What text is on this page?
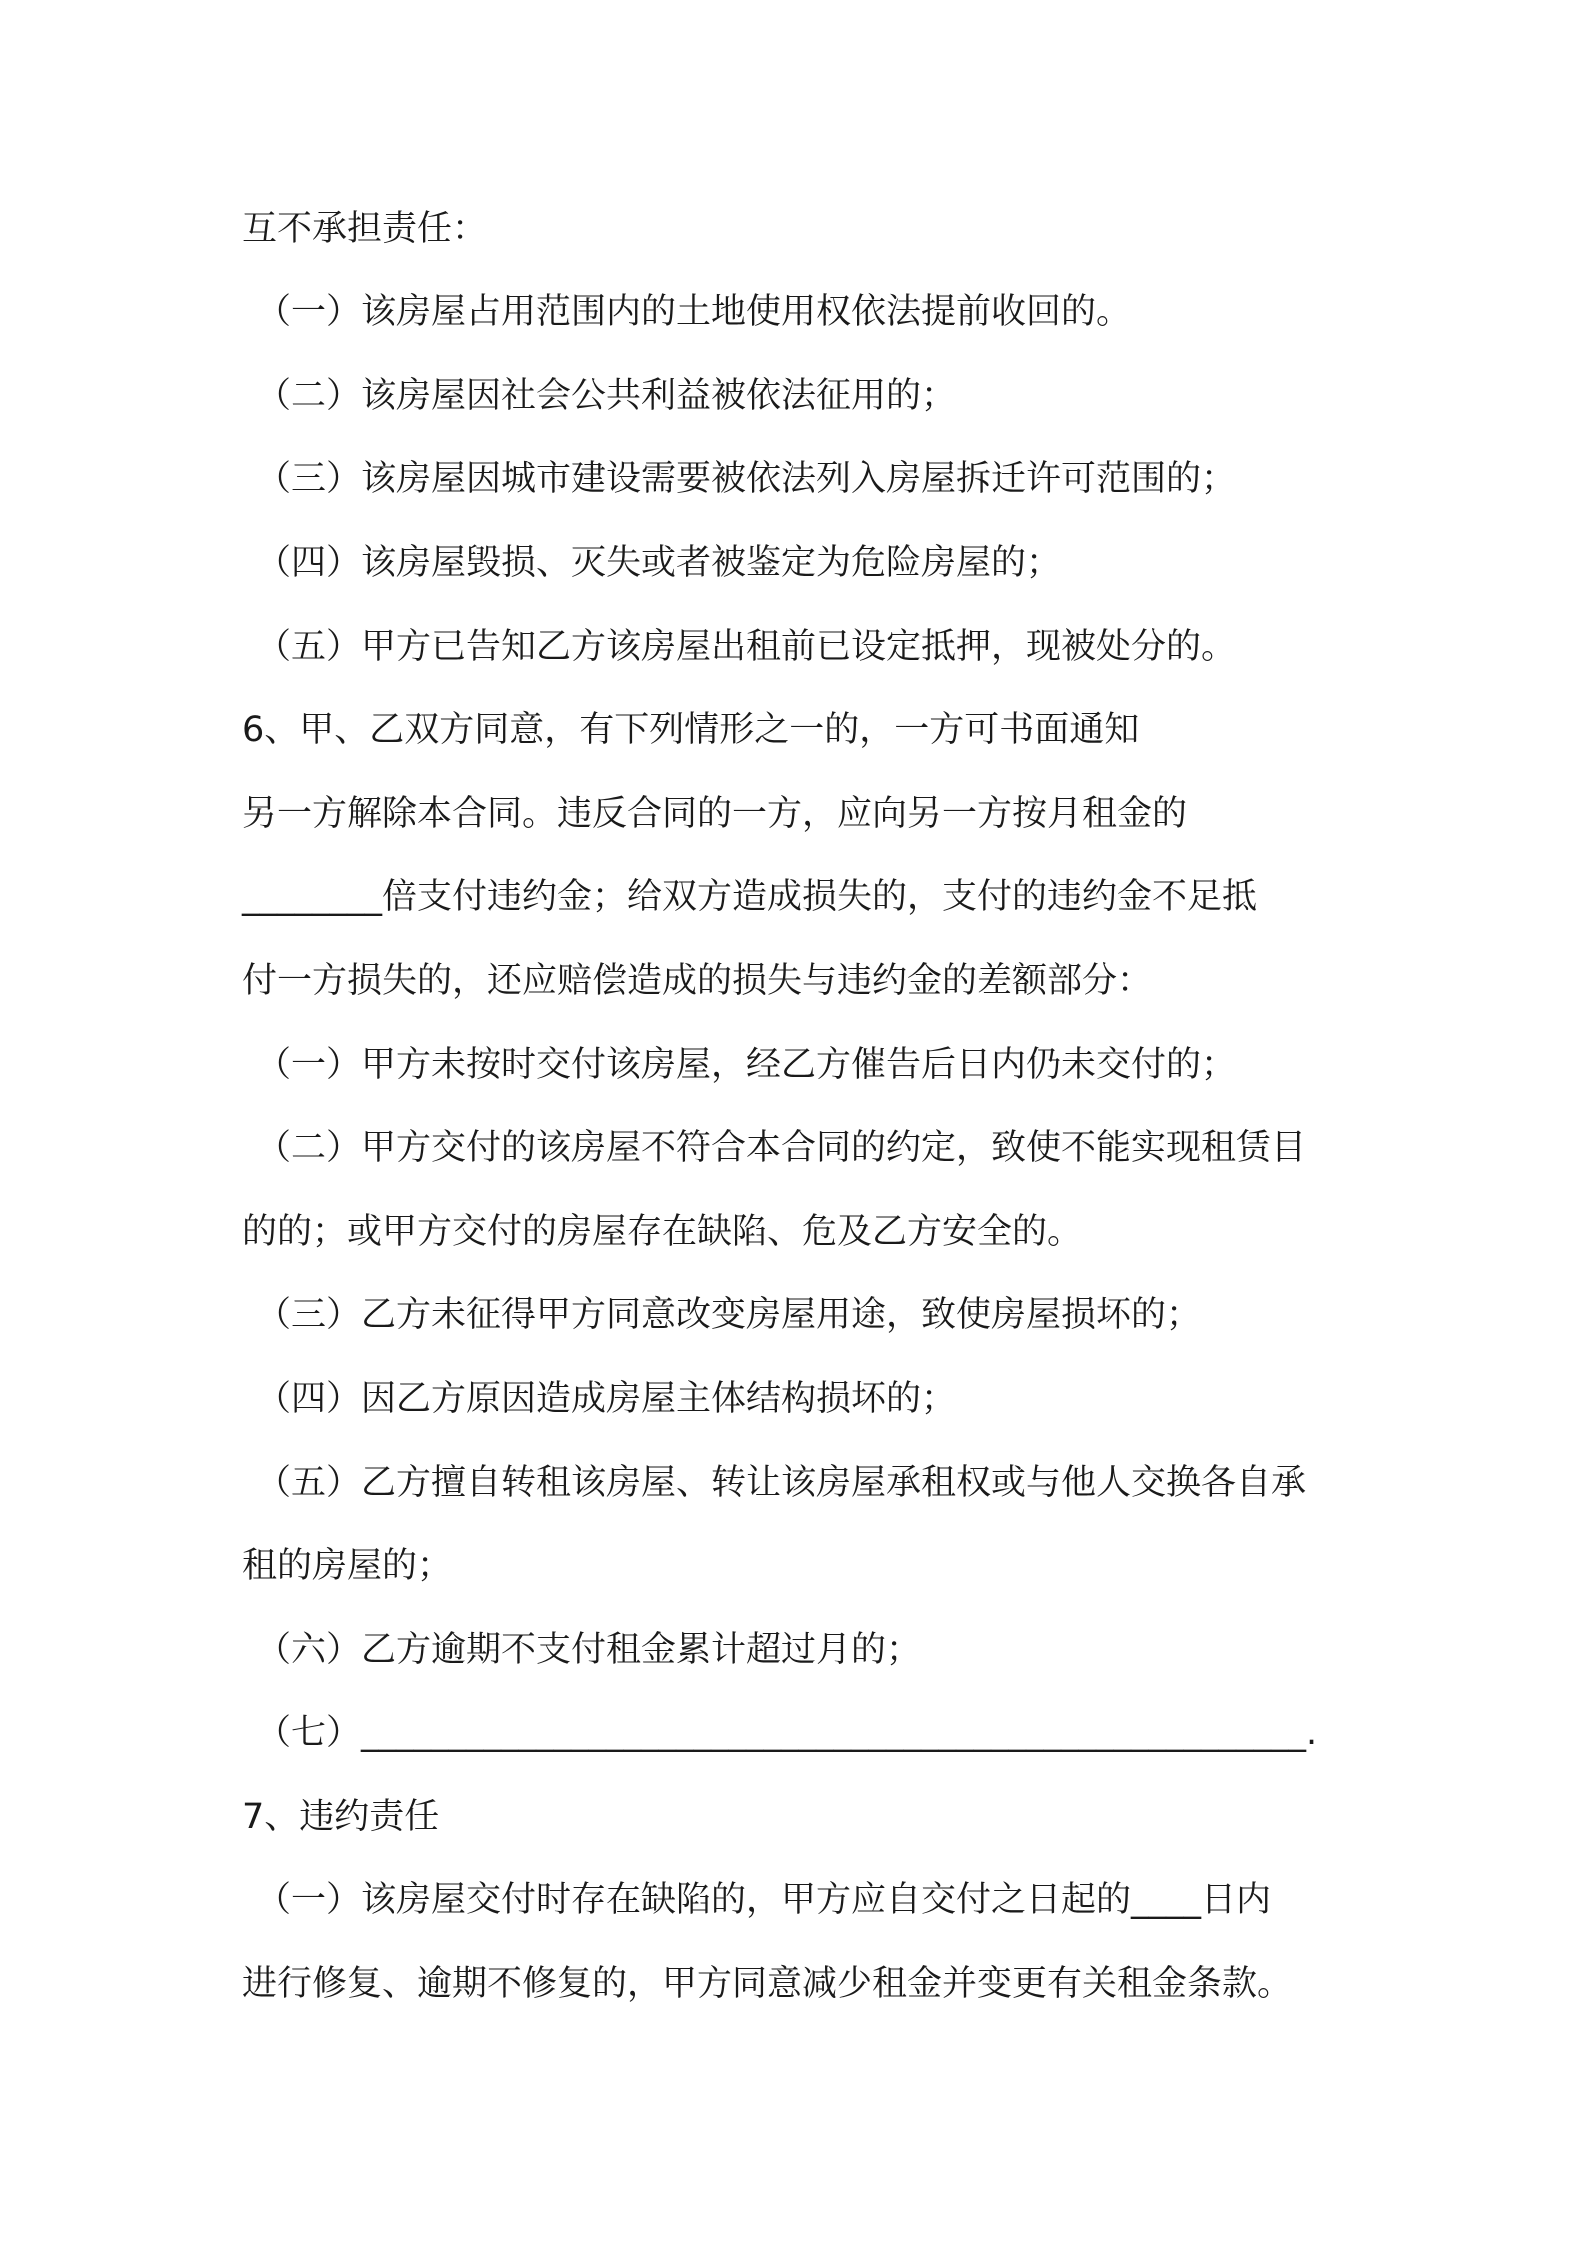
互不承担责任：

（一）该房屋占用范围内的土地使用权依法提前收回的。

（二）该房屋因社会公共利益被依法征用的；

（三）该房屋因城市建设需要被依法列入房屋拆迁许可范围的；

（四）该房屋毁损、灭失或者被鉴定为危险房屋的；

（五）甲方已告知乙方该房屋出租前已设定抵押，现被处分的。

6、甲、乙双方同意，有下列情形之一的，一方可书面通知

另一方解除本合同。违反合同的一方，应向另一方按月租金的

________倍支付违约金；给双方造成损失的，支付的违约金不足抵

付一方损失的，还应赔偿造成的损失与违约金的差额部分：

（一）甲方未按时交付该房屋，经乙方催告后日内仍未交付的；

（二）甲方交付的该房屋不符合本合同的约定，致使不能实现租赁目

的的；或甲方交付的房屋存在缺陷、危及乙方安全的。

（三）乙方未征得甲方同意改变房屋用途，致使房屋损坏的；

（四）因乙方原因造成房屋主体结构损坏的；

（五）乙方擅自转租该房屋、转让该房屋承租权或与他人交换各自承

租的房屋的；

（六）乙方逾期不支付租金累计超过月的；

（七）______________________________________________________.

7、违约责任

（一）该房屋交付时存在缺陷的，甲方应自交付之日起的____日内

进行修复、逾期不修复的，甲方同意减少租金并变更有关租金条款。
